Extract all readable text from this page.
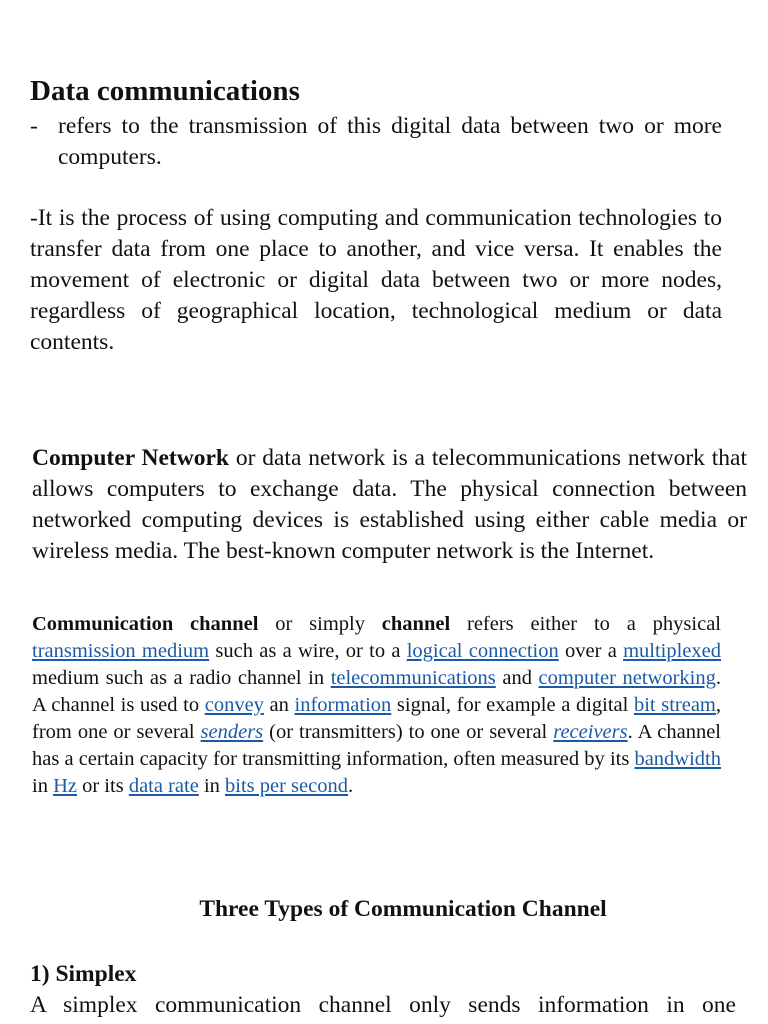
Data communications
- refers to the transmission of this digital data between two or more computers.

-It is the process of using computing and communication technologies to transfer data from one place to another, and vice versa. It enables the movement of electronic or digital data between two or more nodes, regardless of geographical location, technological medium or data contents.

Computer Network or data network is a telecommunications network that allows computers to exchange data. The physical connection between networked computing devices is established using either cable media or wireless media. The best-known computer network is the Internet.

Communication channel or simply channel refers either to a physical transmission medium such as a wire, or to a logical connection over a multiplexed medium such as a radio channel in telecommunications and computer networking. A channel is used to convey an information signal, for example a digital bit stream, from one or several senders (or transmitters) to one or several receivers. A channel has a certain capacity for transmitting information, often measured by its bandwidth in Hz or its data rate in bits per second.

Three Types of Communication Channel
1) Simplex

A simplex communication channel only sends information in one
